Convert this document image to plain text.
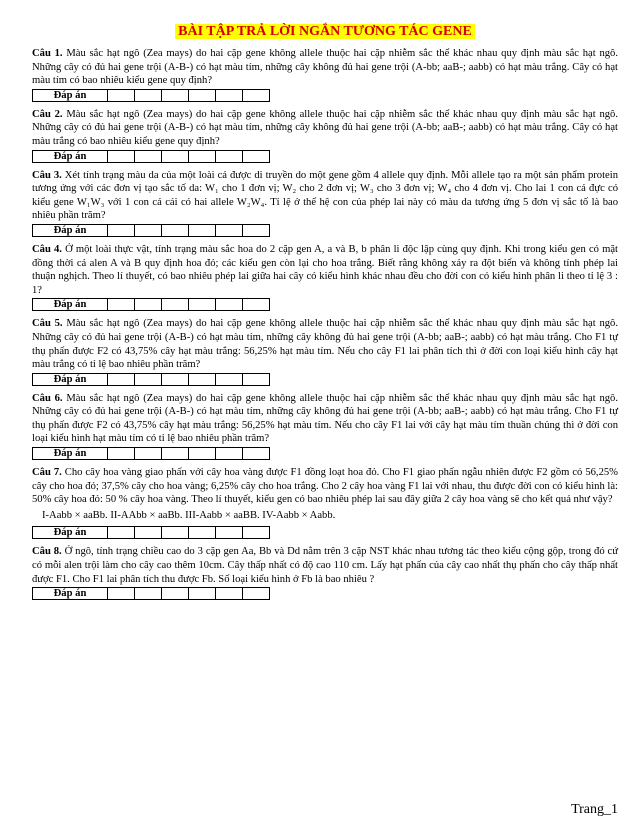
BÀI TẬP TRẢ LỜI NGẮN TƯƠNG TÁC GENE

Câu 1. Màu sắc hạt ngô (Zea mays) do hai cặp gene không allele thuộc hai cặp nhiễm sắc thể khác nhau quy định màu sắc hạt ngô. Những cây có đủ hai gene trội (A-B-) có hạt màu tím, những cây không đủ hai gene trội (A-bb; aaB-; aabb) có hạt màu trắng. Cây có hạt màu tím có bao nhiêu kiểu gene quy định?

Đáp án						

Câu 2. Màu sắc hạt ngô (Zea mays) do hai cặp gene không allele thuộc hai cặp nhiễm sắc thể khác nhau quy định màu sắc hạt ngô. Những cây có đủ hai gene trội (A-B-) có hạt màu tím, những cây không đủ hai gene trội (A-bb; aaB-; aabb) có hạt màu trắng. Cây có hạt màu trắng có bao nhiêu kiểu gene quy định?

Đáp án						

Câu 3. Xét tính trạng màu da của một loài cá được di truyền do một gene gồm 4 allele quy định. Mỗi allele tạo ra một sản phẩm protein tương ứng với các đơn vị tạo sắc tố da: W₁ cho 1 đơn vị; W₂ cho 2 đơn vị; W₃ cho 3 đơn vị; W₄ cho 4 đơn vị. Cho lai 1 con cá đực có kiểu gene W₁W₃ với 1 con cá cái có hai allele W₂W₄. Tỉ lệ ở thế hệ con của phép lai này có màu da tương ứng 5 đơn vị sắc tố là bao nhiêu phần trăm?

Đáp án						

Câu 4. Ở một loài thực vật, tính trạng màu sắc hoa do 2 cặp gen A, a và B, b phân li độc lập cùng quy định. Khi trong kiểu gen có mặt đồng thời cả alen A và B quy định hoa đỏ; các kiểu gen còn lại cho hoa trắng. Biết rằng không xảy ra đột biến và không tính phép lai thuận nghịch. Theo lí thuyết, có bao nhiêu phép lai giữa hai cây có kiểu hình khác nhau đều cho đời con có kiểu hình phân li theo tỉ lệ 3 : 1?

Đáp án						

Câu 5. Màu sắc hạt ngô (Zea mays) do hai cặp gene không allele thuộc hai cặp nhiễm sắc thể khác nhau quy định màu sắc hạt ngô. Những cây có đủ hai gene trội (A-B-) có hạt màu tím, những cây không đủ hai gene trội (A-bb; aaB-; aabb) có hạt màu trắng. Cho F1 tự thụ phấn được F2 có 43,75% cây hạt màu trắng: 56,25% hạt màu tím. Nếu cho cây F1 lai phân tích thì ở đời con loại kiểu hình cây hạt màu trắng có tỉ lệ bao nhiêu phần trăm?

Đáp án						

Câu 6. Màu sắc hạt ngô (Zea mays) do hai cặp gene không allele thuộc hai cặp nhiễm sắc thể khác nhau quy định màu sắc hạt ngô. Những cây có đủ hai gene trội (A-B-) có hạt màu tím, những cây không đủ hai gene trội (A-bb; aaB-; aabb) có hạt màu trắng. Cho F1 tự thụ phấn được F2 có 43,75% cây hạt màu trắng: 56,25% hạt màu tím. Nếu cho cây F1 lai với cây hạt màu tím thuần chủng thì ở đời con loại kiểu hình hạt màu tím có tỉ lệ bao nhiêu phần trăm?

Đáp án						

Câu 7. Cho cây hoa vàng giao phấn với cây hoa vàng được F1 đồng loạt hoa đỏ. Cho F1 giao phấn ngẫu nhiên được F2 gồm có 56,25% cây cho hoa đỏ; 37,5% cây cho hoa vàng; 6,25% cây cho hoa trắng. Cho 2 cây hoa vàng F1 lai với nhau, thu được đời con có kiểu hình là: 50% cây hoa đỏ: 50 % cây hoa vàng. Theo lí thuyết, kiểu gen có bao nhiêu phép lai sau đây giữa 2 cây hoa vàng sẽ cho kết quả như vậy?

I-Aabb × aaBb. II-AAbb × aaBb. III-Aabb × aaBB. IV-Aabb × Aabb.
Đáp án						

Câu 8. Ở ngô, tính trạng chiều cao do 3 cặp gen Aa, Bb và Dd nằm trên 3 cặp NST khác nhau tương tác theo kiểu cộng gộp, trong đó cứ có mỗi alen trội làm cho cây cao thêm 10cm. Cây thấp nhất có độ cao 110 cm. Lấy hạt phấn của cây cao nhất thụ phấn cho cây thấp nhất được F1. Cho F1 lai phân tích thu được Fb. Số loại kiểu hình ở Fb là bao nhiêu ?

Đáp án						
Trang_1
